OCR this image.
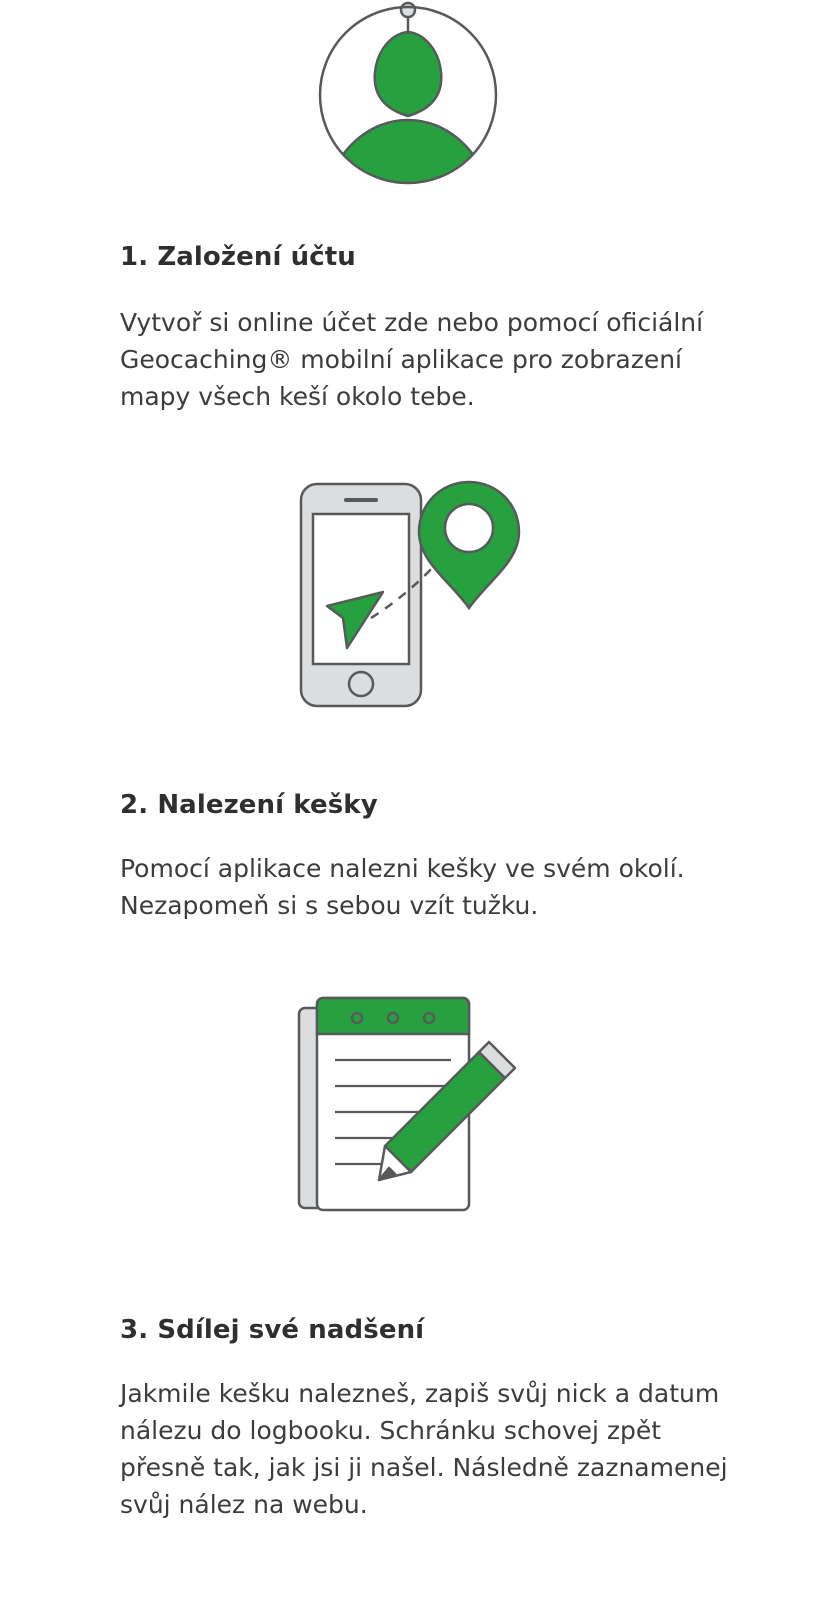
1. Založení účtu

Vytvoř si online účet zde nebo pomocí oficiální Geocaching® mobilní aplikace pro zobrazení mapy všech keší okolo tebe.

2. Nalezení kešky

Pomocí aplikace nalezni kešky ve svém okolí. Nezapomeň si s sebou vzít tužku.

3. Sdílej své nadšení

Jakmile kešku nalezneš, zapiš svůj nick a datum nálezu do logbooku. Schránku schovej zpět přesně tak, jak jsi ji našel. Následně zaznamenej svůj nález na webu.
